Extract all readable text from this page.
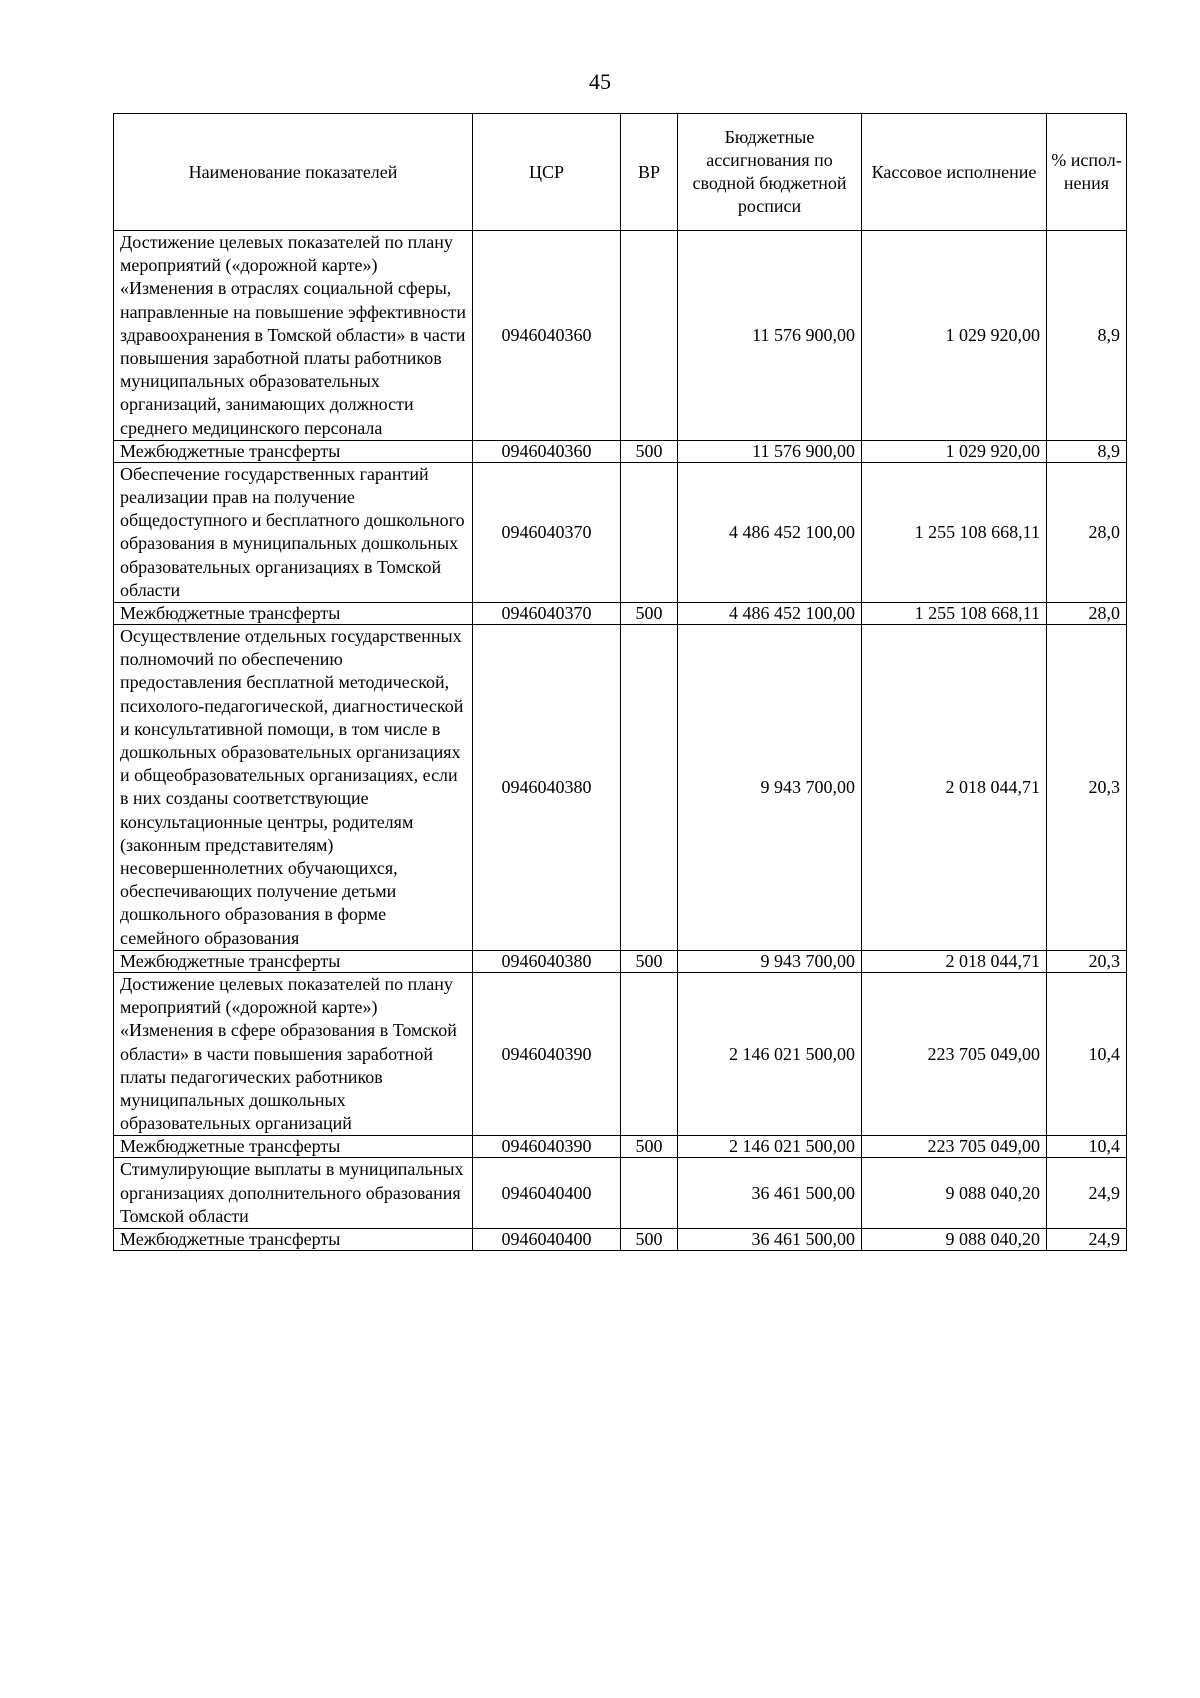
45
Наименование показателей	ЦСР	ВР	Бюджетные ассигнования по сводной бюджетной росписи	Кассовое исполнение	% испол-нения
Достижение целевых показателей по плану мероприятий («дорожной карте») «Изменения в отраслях социальной сферы, направленные на повышение эффективности здравоохранения в Томской области» в части повышения заработной платы работников муниципальных образовательных организаций, занимающих должности среднего медицинского персонала	0946040360		11 576 900,00	1 029 920,00	8,9
Межбюджетные трансферты	0946040360	500	11 576 900,00	1 029 920,00	8,9
Обеспечение государственных гарантий реализации прав на получение общедоступного и бесплатного дошкольного образования в муниципальных дошкольных образовательных организациях в Томской области	0946040370		4 486 452 100,00	1 255 108 668,11	28,0
Межбюджетные трансферты	0946040370	500	4 486 452 100,00	1 255 108 668,11	28,0
Осуществление отдельных государственных полномочий по обеспечению предоставления бесплатной методической, психолого-педагогической, диагностической и консультативной помощи, в том числе в дошкольных образовательных организациях и общеобразовательных организациях, если в них созданы соответствующие консультационные центры, родителям (законным представителям) несовершеннолетних обучающихся, обеспечивающих получение детьми дошкольного образования в форме семейного образования	0946040380		9 943 700,00	2 018 044,71	20,3
Межбюджетные трансферты	0946040380	500	9 943 700,00	2 018 044,71	20,3
Достижение целевых показателей по плану мероприятий («дорожной карте») «Изменения в сфере образования в Томской области» в части повышения заработной платы педагогических работников муниципальных дошкольных образовательных организаций	0946040390		2 146 021 500,00	223 705 049,00	10,4
Межбюджетные трансферты	0946040390	500	2 146 021 500,00	223 705 049,00	10,4
Стимулирующие выплаты в муниципальных организациях дополнительного образования Томской области	0946040400		36 461 500,00	9 088 040,20	24,9
Межбюджетные трансферты	0946040400	500	36 461 500,00	9 088 040,20	24,9
